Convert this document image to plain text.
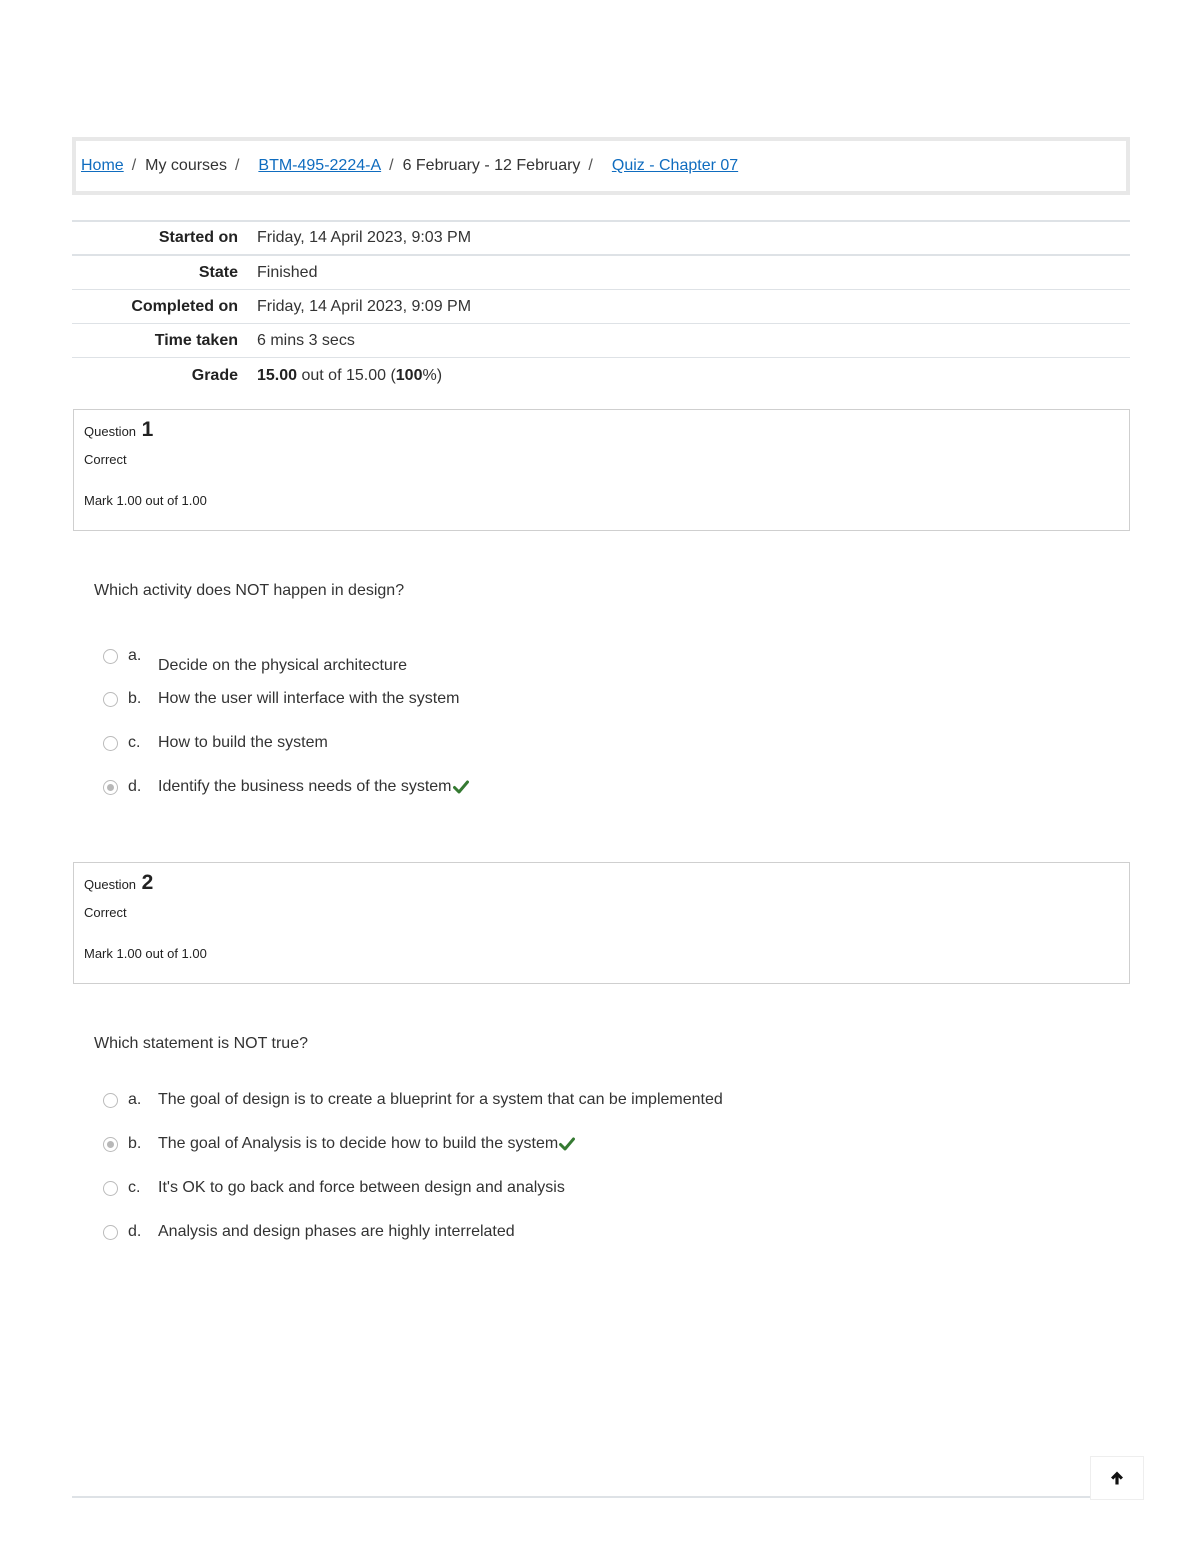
Home / My courses / BTM-495-2224-A / 6 February - 12 February / Quiz - Chapter 07
Started on Friday, 14 April 2023, 9:03 PM
State Finished
Completed on Friday, 14 April 2023, 9:09 PM
Time taken 6 mins 3 secs
Grade 15.00 out of 15.00 (100%)
Question 1
Correct
Mark 1.00 out of 1.00
Which activity does NOT happen in design?
a.
Decide on the physical architecture
b.	How the user will interface with the system
c.	How to build the system
d.	Identify the business needs of the system
Question 2
Correct
Mark 1.00 out of 1.00
Which statement is NOT true?
a.	The goal of design is to create a blueprint for a system that can be implemented
b.	The goal of Analysis is to decide how to build the system
c.	It's OK to go back and force between design and analysis
d.	Analysis and design phases are highly interrelated
